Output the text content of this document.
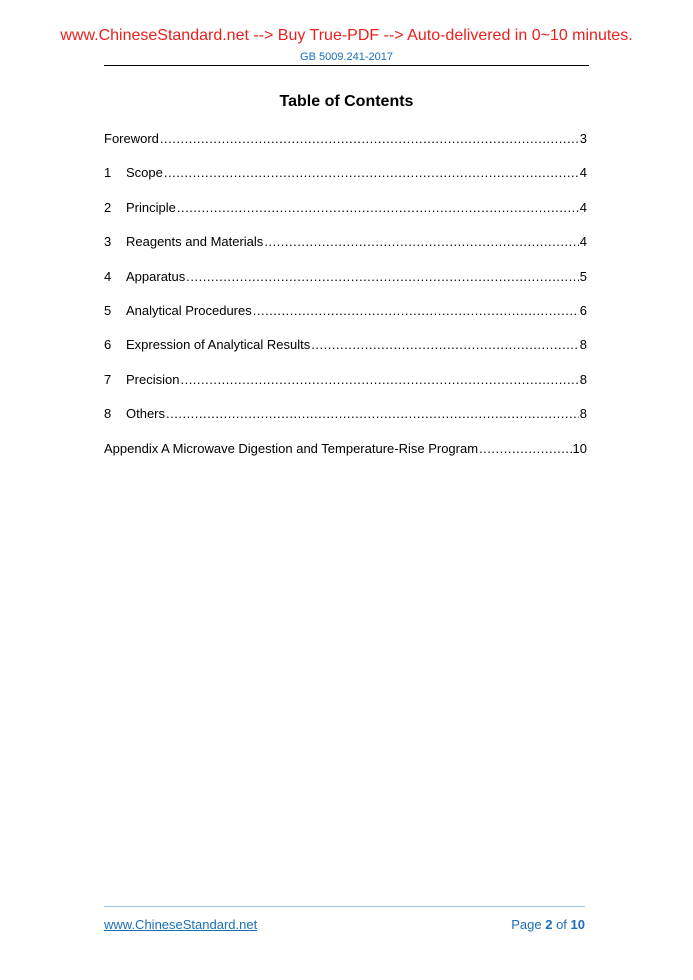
www.ChineseStandard.net --> Buy True-PDF --> Auto-delivered in 0~10 minutes.
GB 5009.241-2017
Table of Contents
Foreword .....	3
1	Scope .....	4
2	Principle .....	4
3	Reagents and Materials .....	4
4	Apparatus .....	5
5	Analytical Procedures .....	6
6	Expression of Analytical Results .....	8
7	Precision .....	8
8	Others .....	8
Appendix A Microwave Digestion and Temperature-Rise Program .....	10
www.ChineseStandard.net	Page 2 of 10
